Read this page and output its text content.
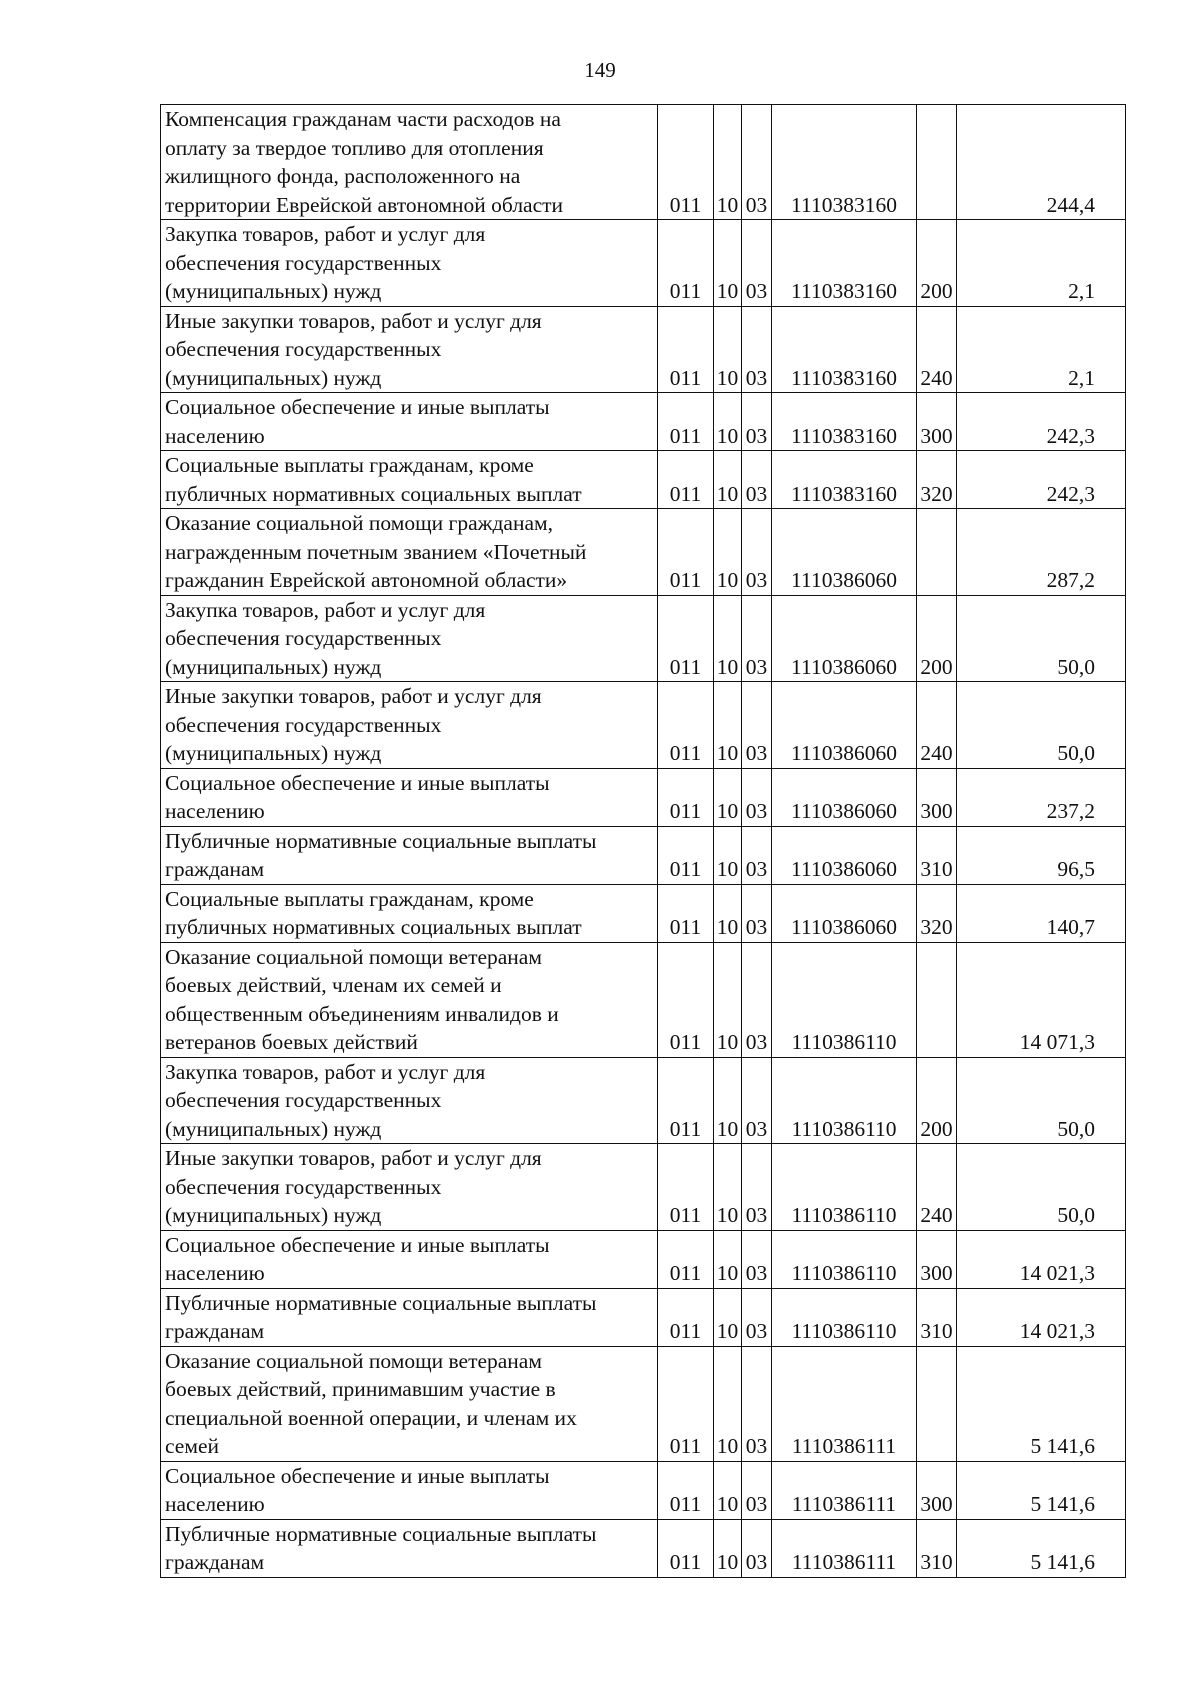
149
Компенсация гражданам части расходов на
оплату за твердое топливо для отопления
жилищного фонда, расположенного на
территории Еврейской автономной области	011	10	03	1110383160		244,4
Закупка товаров, работ и услуг для
обеспечения государственных
(муниципальных) нужд	011	10	03	1110383160	200	2,1
Иные закупки товаров, работ и услуг для
обеспечения государственных
(муниципальных) нужд	011	10	03	1110383160	240	2,1
Социальное обеспечение и иные выплаты
населению	011	10	03	1110383160	300	242,3
Социальные выплаты гражданам, кроме
публичных нормативных социальных выплат	011	10	03	1110383160	320	242,3
Оказание социальной помощи гражданам,
награжденным почетным званием «Почетный
гражданин Еврейской автономной области»	011	10	03	1110386060		287,2
Закупка товаров, работ и услуг для
обеспечения государственных
(муниципальных) нужд	011	10	03	1110386060	200	50,0
Иные закупки товаров, работ и услуг для
обеспечения государственных
(муниципальных) нужд	011	10	03	1110386060	240	50,0
Социальное обеспечение и иные выплаты
населению	011	10	03	1110386060	300	237,2
Публичные нормативные социальные выплаты
гражданам	011	10	03	1110386060	310	96,5
Социальные выплаты гражданам, кроме
публичных нормативных социальных выплат	011	10	03	1110386060	320	140,7
Оказание социальной помощи ветеранам
боевых действий, членам их семей и
общественным объединениям инвалидов и
ветеранов боевых действий	011	10	03	1110386110		14 071,3
Закупка товаров, работ и услуг для
обеспечения государственных
(муниципальных) нужд	011	10	03	1110386110	200	50,0
Иные закупки товаров, работ и услуг для
обеспечения государственных
(муниципальных) нужд	011	10	03	1110386110	240	50,0
Социальное обеспечение и иные выплаты
населению	011	10	03	1110386110	300	14 021,3
Публичные нормативные социальные выплаты
гражданам	011	10	03	1110386110	310	14 021,3
Оказание социальной помощи ветеранам
боевых действий, принимавшим участие в
специальной военной операции, и членам их
семей	011	10	03	1110386111		5 141,6
Социальное обеспечение и иные выплаты
населению	011	10	03	1110386111	300	5 141,6
Публичные нормативные социальные выплаты
гражданам	011	10	03	1110386111	310	5 141,6
